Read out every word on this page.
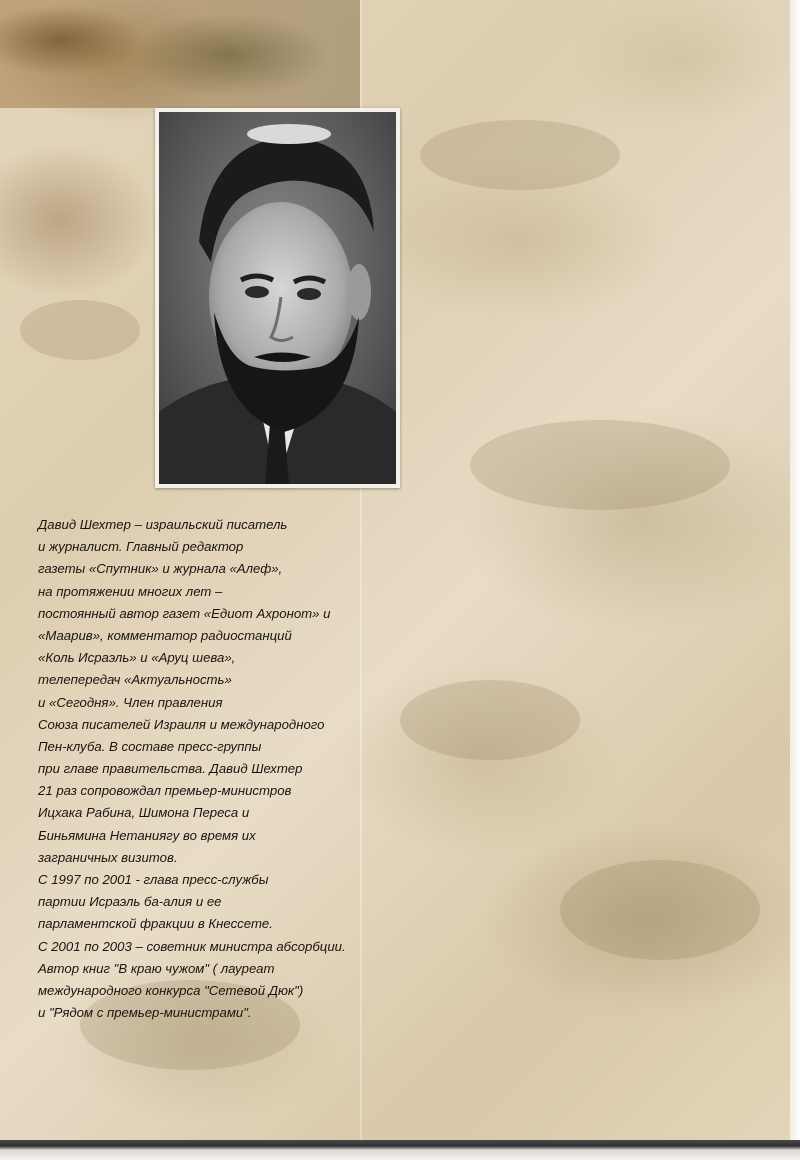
Давид Шехтер – израильский писатель
и журналист. Главный редактор
газеты «Спутник» и журнала «Алеф»,
на протяжении многих лет –
постоянный автор газет «Едиот Ахронот» и
«Маарив», комментатор радиостанций
«Коль Исраэль» и «Аруц шева»,
телепередач «Актуальность»
и «Сегодня». Член правления
Союза писателей Израиля и международного
Пен-клуба. В составе пресс-группы
при главе правительства. Давид Шехтер
21 раз сопровождал премьер-министров
Ицхака Рабина, Шимона Переса и
Биньямина Нетаниягу во время их
заграничных визитов.
С 1997 по 2001 - глава пресс-службы
партии Исраэль ба-алия и ее
парламентской фракции в Кнессете.
С 2001 по 2003 – советник министра абсорбции.
Автор книг "В краю чужом" ( лауреат
международного конкурса "Сетевой Дюк")
и "Рядом с премьер-министрами".
